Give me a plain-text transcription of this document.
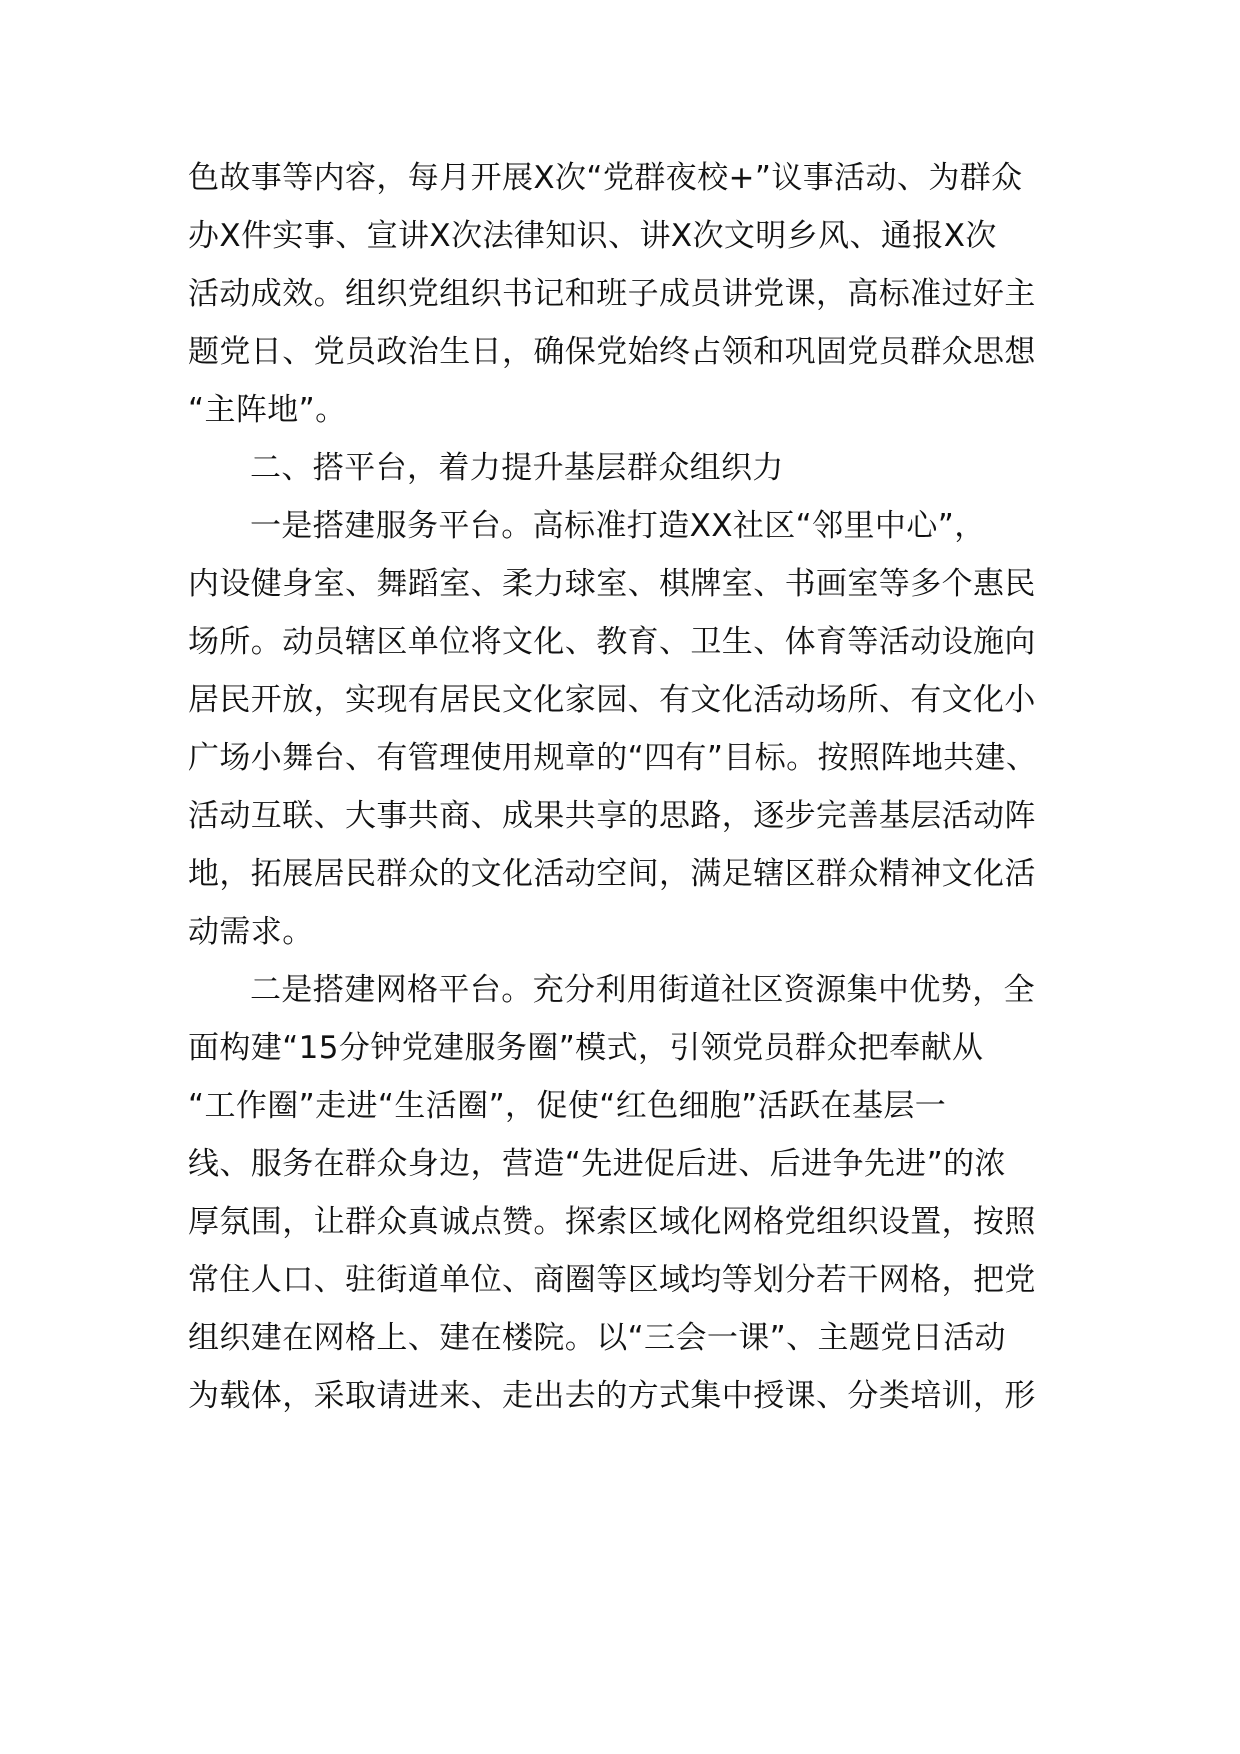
色故事等内容，每月开展X次“党群夜校+”议事活动、为群众
办X件实事、宣讲X次法律知识、讲X次文明乡风、通报X次
活动成效。组织党组织书记和班子成员讲党课，高标准过好主
题党日、党员政治生日，确保党始终占领和巩固党员群众思想
“主阵地”。
二、搭平台，着力提升基层群众组织力
一是搭建服务平台。高标准打造XX社区“邻里中心”，
内设健身室、舞蹈室、柔力球室、棋牌室、书画室等多个惠民
场所。动员辖区单位将文化、教育、卫生、体育等活动设施向
居民开放，实现有居民文化家园、有文化活动场所、有文化小
广场小舞台、有管理使用规章的“四有”目标。按照阵地共建、
活动互联、大事共商、成果共享的思路，逐步完善基层活动阵
地，拓展居民群众的文化活动空间，满足辖区群众精神文化活
动需求。
二是搭建网格平台。充分利用街道社区资源集中优势，全
面构建“15分钟党建服务圈”模式，引领党员群众把奉献从
“工作圈”走进“生活圈”，促使“红色细胞”活跃在基层一
线、服务在群众身边，营造“先进促后进、后进争先进”的浓
厚氛围，让群众真诚点赞。探索区域化网格党组织设置，按照
常住人口、驻街道单位、商圈等区域均等划分若干网格，把党
组织建在网格上、建在楼院。以“三会一课”、主题党日活动
为载体，采取请进来、走出去的方式集中授课、分类培训，形
